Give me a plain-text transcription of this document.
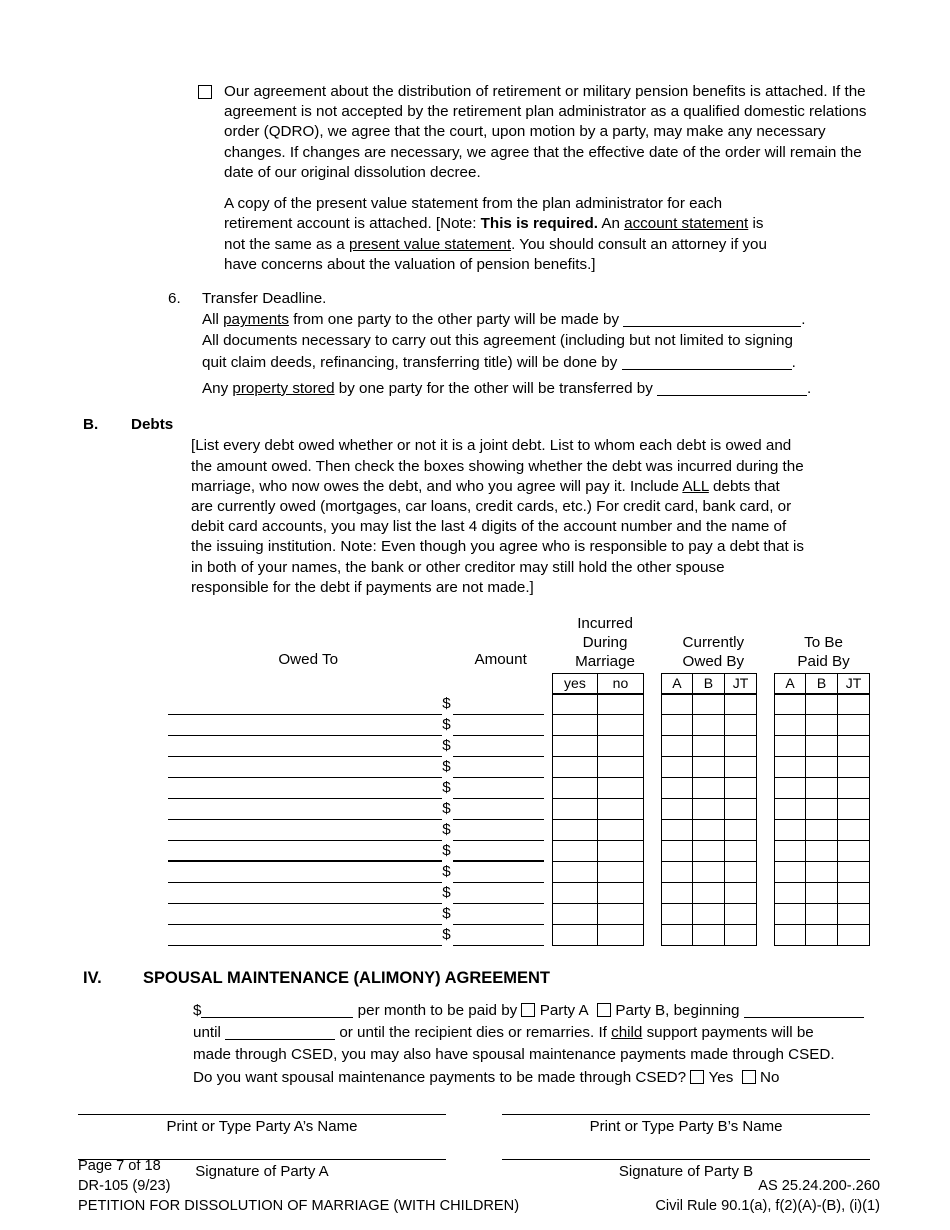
Our agreement about the distribution of retirement or military pension benefits is attached. If the agreement is not accepted by the retirement plan administrator as a qualified domestic relations order (QDRO), we agree that the court, upon motion by a party, may make any necessary changes. If changes are necessary, we agree that the effective date of the order will remain the date of our original dissolution decree.
A copy of the present value statement from the plan administrator for each
retirement account is attached. [Note: This is required. An account statement is
not the same as a present value statement. You should consult an attorney if you
have concerns about the valuation of pension benefits.]
6.	Transfer Deadline.
All payments from one party to the other party will be made by	.
All documents necessary to carry out this agreement (including but not limited to signing
quit claim deeds, refinancing, transferring title) will be done by	.
Any property stored by one party for the other will be transferred by	.
B.	Debts
[List every debt owed whether or not it is a joint debt. List to whom each debt is owed and
the amount owed. Then check the boxes showing whether the debt was incurred during the
marriage, who now owes the debt, and who you agree will pay it. Include ALL debts that
are currently owed (mortgages, car loans, credit cards, etc.) For credit card, bank card, or
debit card accounts, you may list the last 4 digits of the account number and the name of
the issuing institution. Note: Even though you agree who is responsible to pay a debt that is
in both of your names, the bank or other creditor may still hold the other spouse
responsible for the debt if payments are not made.]
Owed To	Amount
Incurred
During
Marriage
Currently
Owed By
To Be
Paid By
yes	no	A	B	JT	A	B	JT
$
$
$
$
$
$
$
$
$
$
$
$
IV.	SPOUSAL MAINTENANCE (ALIMONY) AGREEMENT
$	per month to be paid by  Party A Party B, beginning
until	or until the recipient dies or remarries. If child support payments will be
made through CSED, you may also have spousal maintenance payments made through CSED.
Do you want spousal maintenance payments to be made through CSED? Yes No
Print or Type Party A’s Name
Signature of Party A
Print or Type Party B’s Name
Signature of Party B
Page 7 of 18
DR-105 (9/23)	AS 25.24.200-.260
PETITION FOR DISSOLUTION OF MARRIAGE (WITH CHILDREN)	Civil Rule 90.1(a), f(2)(A)-(B), (i)(1)
